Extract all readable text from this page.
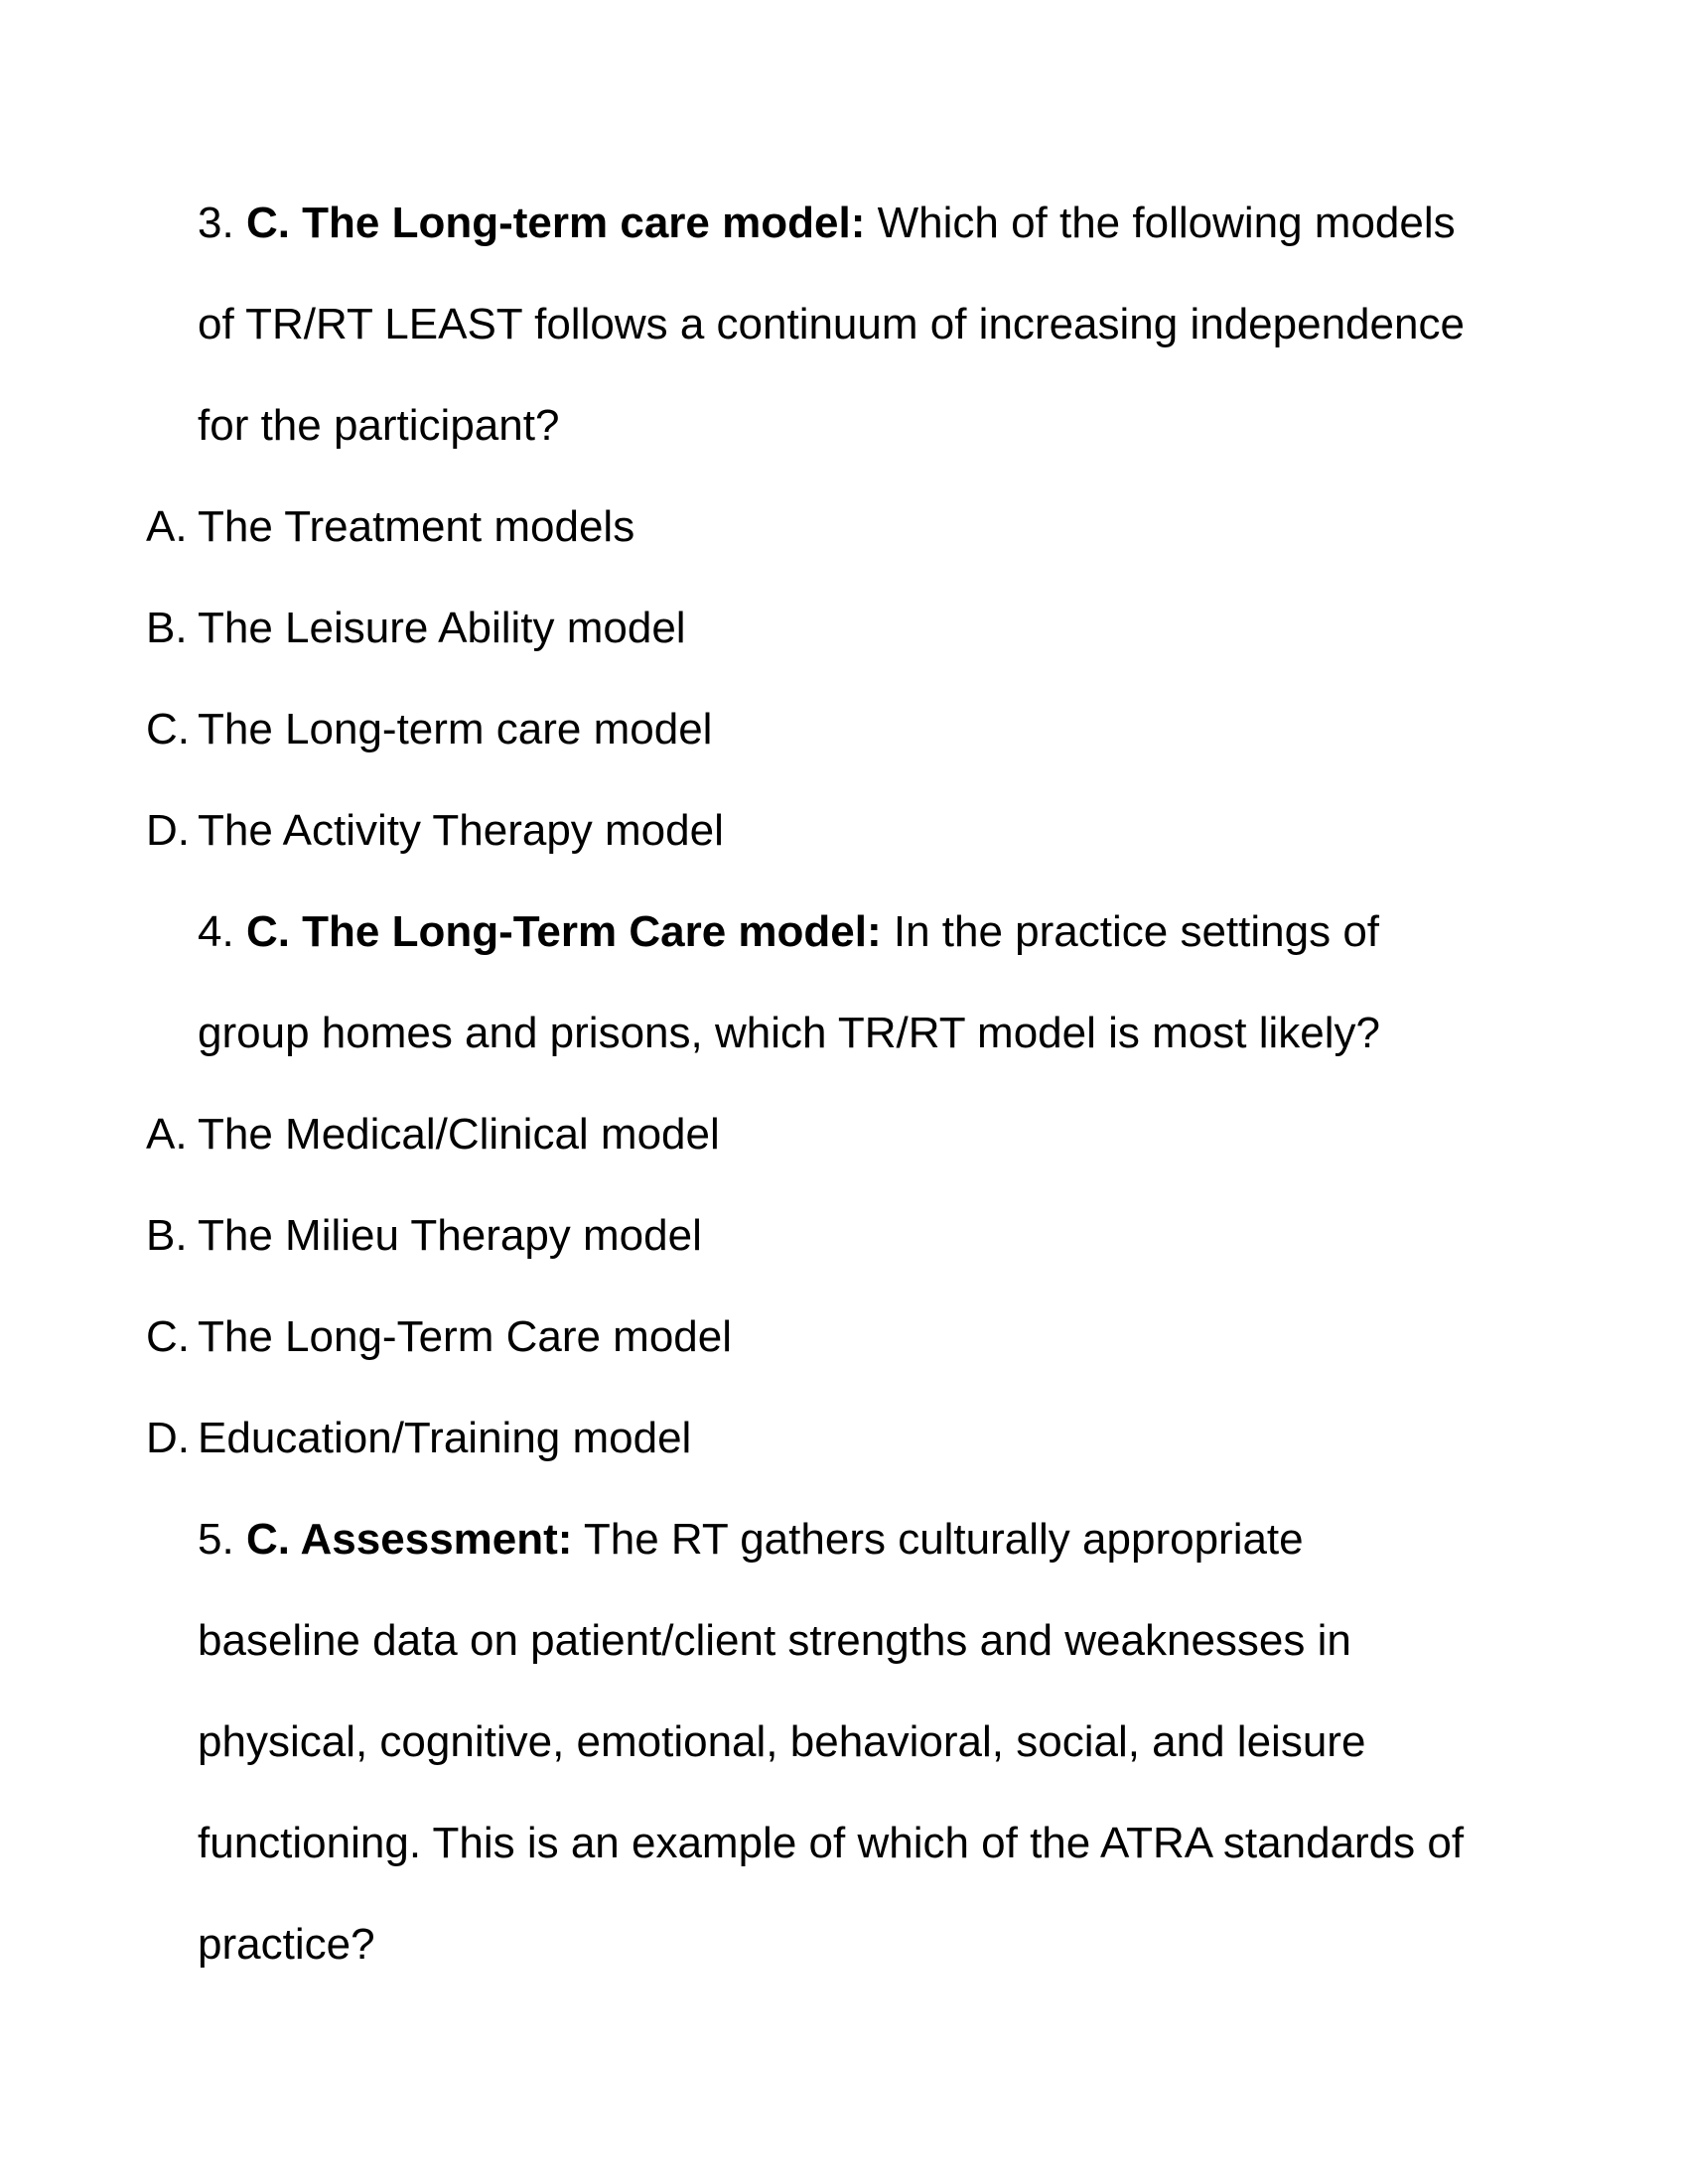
3. C. The Long-term care model: Which of the following models
of TR/RT LEAST follows a continuum of increasing independence
for the participant?
A. The Treatment models
B. The Leisure Ability model
C. The Long-term care model
D. The Activity Therapy model
4. C. The Long-Term Care model: In the practice settings of
group homes and prisons, which TR/RT model is most likely?
A. The Medical/Clinical model
B. The Milieu Therapy model
C. The Long-Term Care model
D. Education/Training model
5. C. Assessment: The RT gathers culturally appropriate
baseline data on patient/client strengths and weaknesses in
physical, cognitive, emotional, behavioral, social, and leisure
functioning. This is an example of which of the ATRA standards of
practice?
